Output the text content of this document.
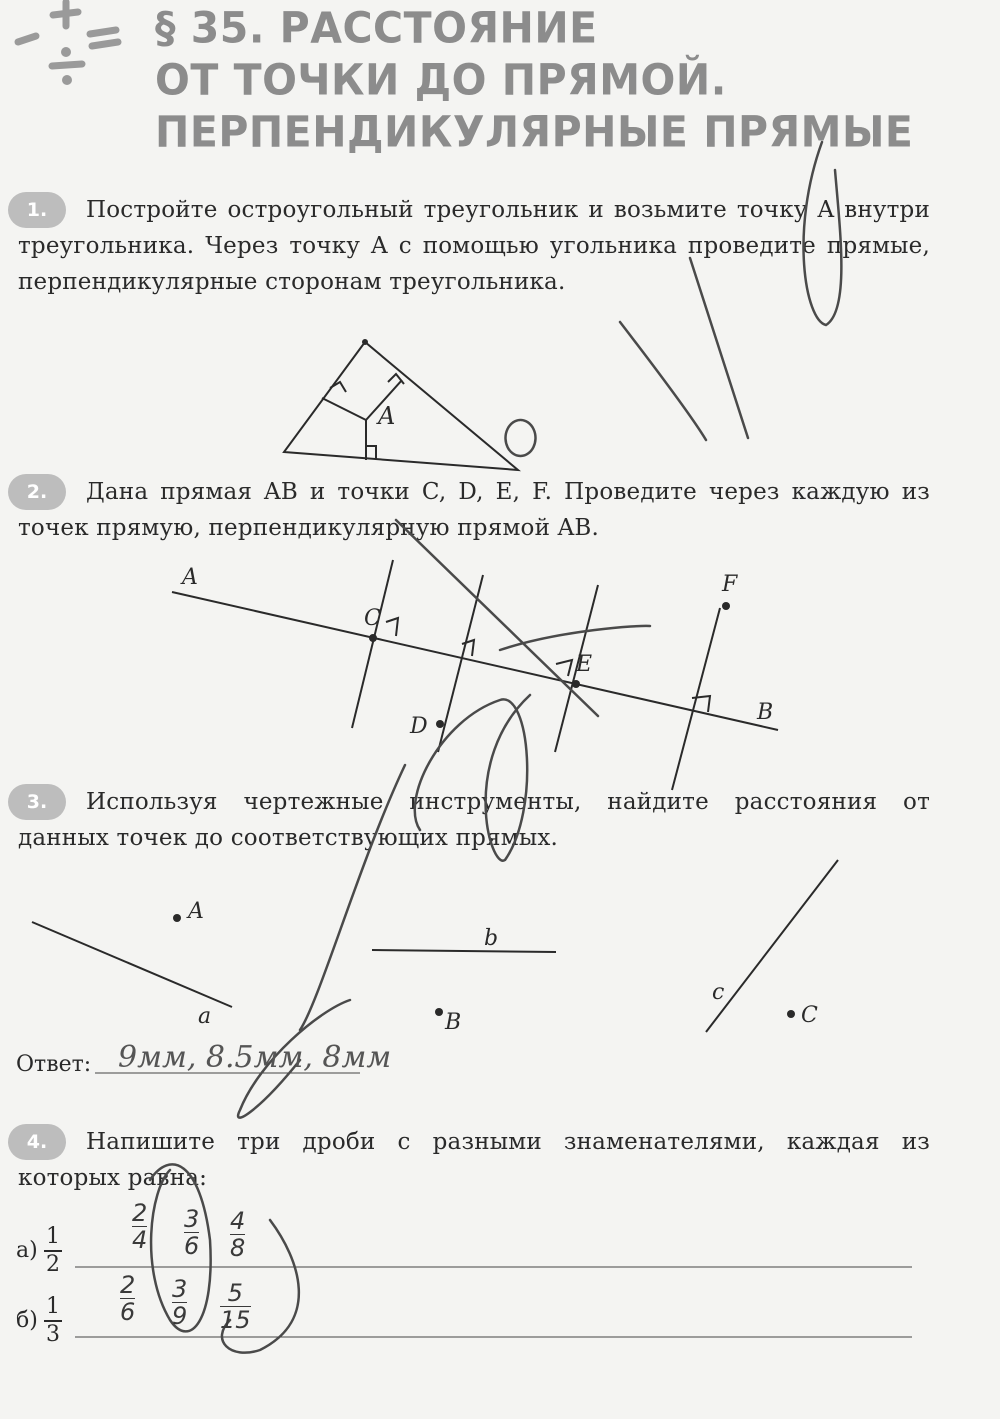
§ 35. РАССТОЯНИЕ
ОТ ТОЧКИ ДО ПРЯМОЙ.
ПЕРПЕНДИКУЛЯРНЫЕ ПРЯМЫЕ
1.	Постройте остроугольный треугольник и возьмите точку A внутри треугольника. Через точку A с помощью угольника проведите прямые, перпендикулярные сторонам треугольника.
2.	Дана прямая AB и точки C, D, E, F. Проведите через каждую из точек прямую, перпендикулярную прямой AB.
3.	Используя чертежные инструменты, найдите расстояния от данных точек до соответствующих прямых.
4.	Напишите три дроби с разными знаменателями, каждая из которых равна:
A
A
B
C
D
E
F
A
B	C
a
b
c
Ответ: 9мм, 8.5мм, 8мм
$а) \frac{1}{2}$	$\frac{2}{4} \frac{3}{6} \frac{4}{8}$
$б) \frac{1}{3} \frac{2}{6} \frac{3}{9} \frac{5}{15}$
